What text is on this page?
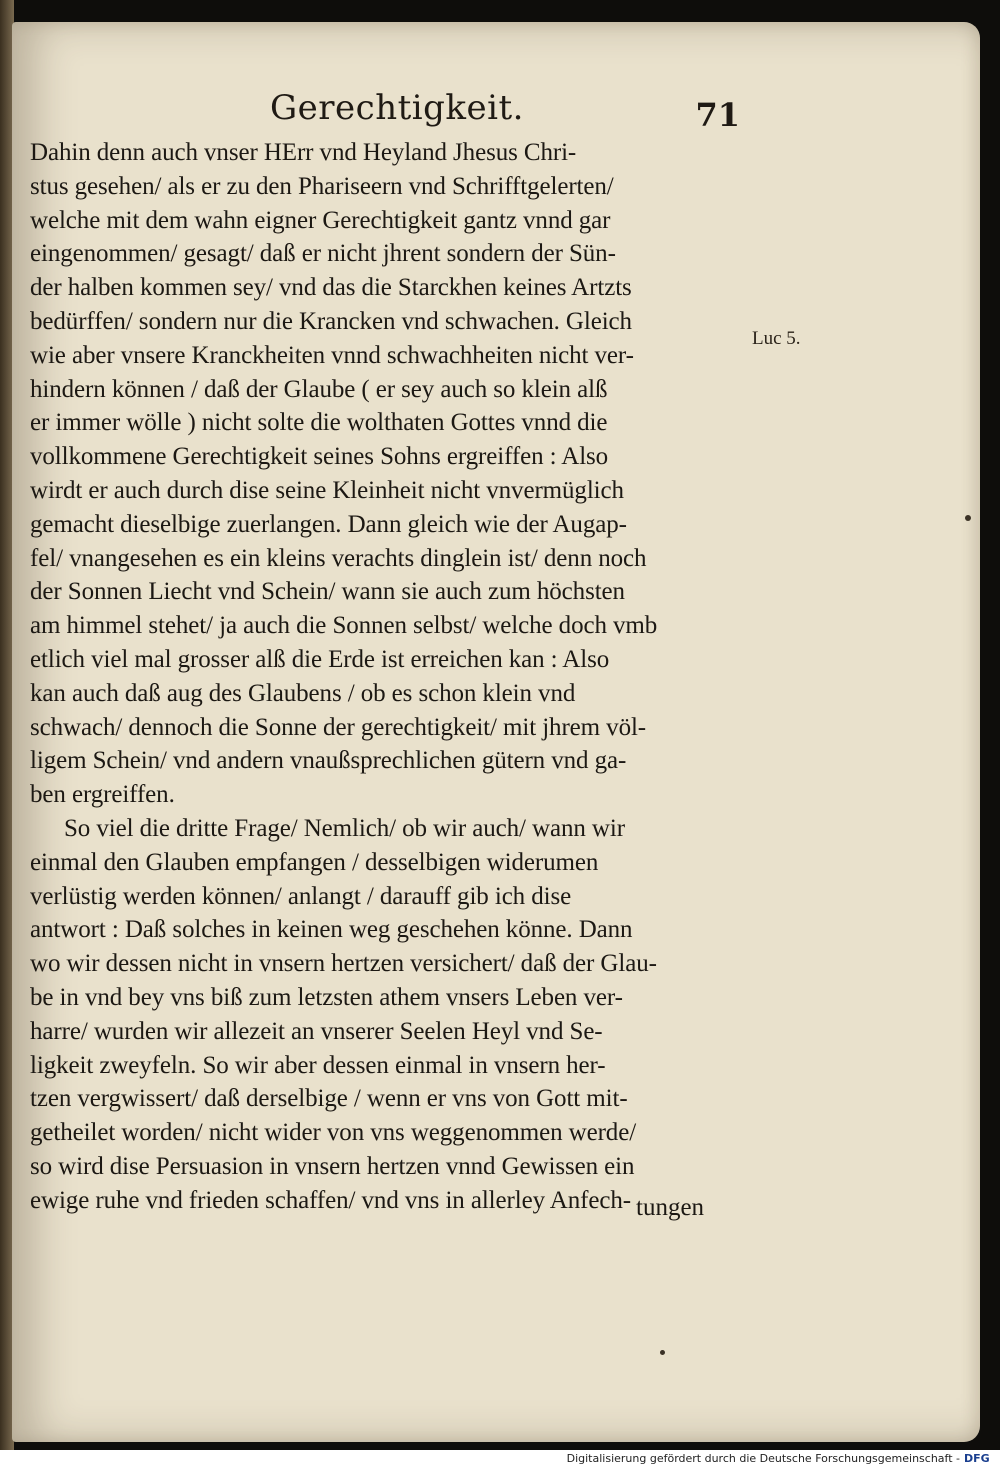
Gerechtigkeit.	71
Luc 5.
Dahin denn auch vnser HErr vnd Heyland Jhesus Chri-
stus gesehen/ als er zu den Phariseern vnd Schrifftgelerten/
welche mit dem wahn eigner Gerechtigkeit gantz vnnd gar
eingenommen/ gesagt/ daß er nicht jhrent sondern der Sün-
der halben kommen sey/ vnd das die Starckhen keines Artzts
bedürffen/ sondern nur die Krancken vnd schwachen. Gleich
wie aber vnsere Kranckheiten vnnd schwachheiten nicht ver-
hindern können / daß der Glaube ( er sey auch so klein alß
er immer wölle ) nicht solte die wolthaten Gottes vnnd die
vollkommene Gerechtigkeit seines Sohns ergreiffen : Also
wirdt er auch durch dise seine Kleinheit nicht vnvermüglich
gemacht dieselbige zuerlangen. Dann gleich wie der Augap-
fel/ vnangesehen es ein kleins verachts dinglein ist/ denn noch
der Sonnen Liecht vnd Schein/ wann sie auch zum höchsten
am himmel stehet/ ja auch die Sonnen selbst/ welche doch vmb
etlich viel mal grosser alß die Erde ist erreichen kan : Also
kan auch daß aug des Glaubens / ob es schon klein vnd
schwach/ dennoch die Sonne der gerechtigkeit/ mit jhrem völ-
ligem Schein/ vnd andern vnaußsprechlichen gütern vnd ga-
ben ergreiffen.
So viel die dritte Frage/ Nemlich/ ob wir auch/ wann wir
einmal den Glauben empfangen / desselbigen widerumen
verlüstig werden können/ anlangt / darauff gib ich dise
antwort : Daß solches in keinen weg geschehen könne. Dann
wo wir dessen nicht in vnsern hertzen versichert/ daß der Glau-
be in vnd bey vns biß zum letzsten athem vnsers Leben ver-
harre/ wurden wir allezeit an vnserer Seelen Heyl vnd Se-
ligkeit zweyfeln. So wir aber dessen einmal in vnsern her-
tzen vergwissert/ daß derselbige / wenn er vns von Gott mit-
getheilet worden/ nicht wider von vns weggenommen werde/
so wird dise Persuasion in vnsern hertzen vnnd Gewissen ein
ewige ruhe vnd frieden schaffen/ vnd vns in allerley Anfech- tungen
Digitalisierung gefördert durch die Deutsche Forschungsgemeinschaft - DFG
